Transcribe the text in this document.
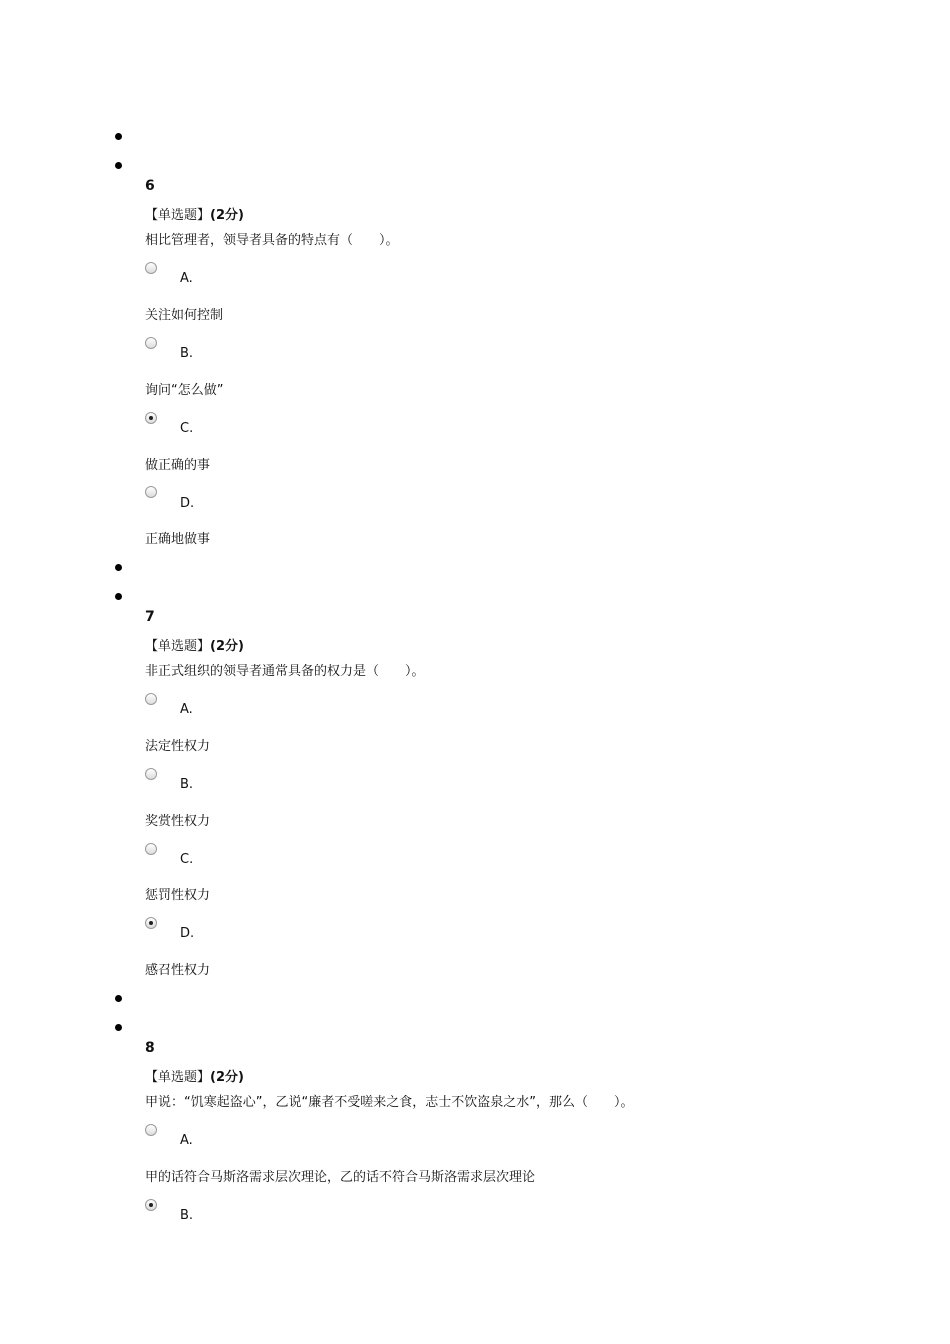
6
【单选题】(2分)
相比管理者，领导者具备的特点有（　　）。
A.
关注如何控制
B.
询问“怎么做”
C.
做正确的事
D.
正确地做事
7
【单选题】(2分)
非正式组织的领导者通常具备的权力是（　　）。
A.
法定性权力
B.
奖赏性权力
C.
惩罚性权力
D.
感召性权力
8
【单选题】(2分)
甲说：“饥寒起盗心”，乙说“廉者不受嗟来之食，志士不饮盗泉之水”，那么（　　）。
A.
甲的话符合马斯洛需求层次理论，乙的话不符合马斯洛需求层次理论
B.
